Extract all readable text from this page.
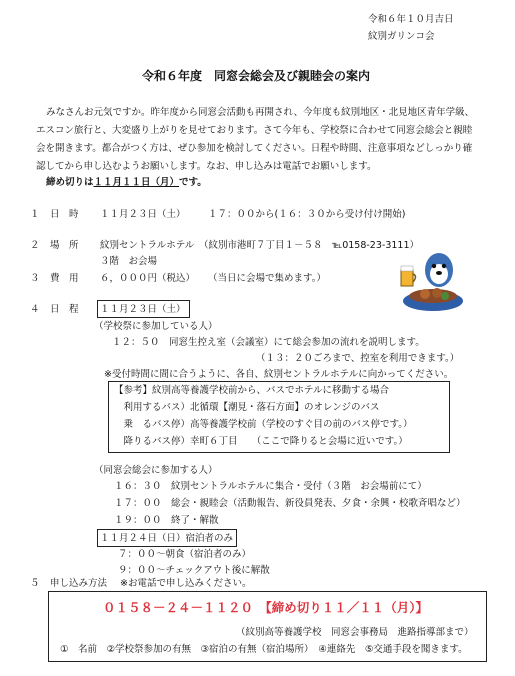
令和６年１０月吉日
紋別ガリンコ会
令和６年度　同窓会総会及び親睦会の案内
みなさんお元気ですか。昨年度から同窓会活動も再開され、今年度も紋別地区・北見地区青年学級、
エスコン旅行と、大変盛り上がりを見せております。さて今年も、学校祭に合わせて同窓会総会と親睦
会を開きます。都合がつく方は、ぜひ参加を検討してください。日程や時間、注意事項などしっかり確
認してから申し込むようお願いします。なお、申し込みは電話でお願いします。
締め切りは１１月１１日（月）です。
１ 日　時 １１月２３日（土） １７：００から(１６：３０から受け付け開始)
２ 場　所 紋別セントラルホテル　（紋別市港町７丁目１－５８　℡0158-23-3111）
３階　お会場
３ 費　用 ６，０００円（税込） （当日に会場で集めます。）
４ 日　程 １１月２３日（土）
（学校祭に参加している人）
１２：５０　同窓生控え室（会議室）にて総会参加の流れを説明します。
（１３：２０ごろまで、控室を利用できます。）
※受付時間に間に合うように、各自、紋別セントラルホテルに向かってください。
【参考】紋別高等養護学校前から、バスでホテルに移動する場合
　利用するバス）北循環【潮見・落石方面】のオレンジのバス
　乗　るバス停）高等養護学校前（学校のすぐ目の前のバス停です。）
　降りるバス停）幸町６丁目　　（ここで降りると会場に近いです。）
（同窓会総会に参加する人）
１６：３０　紋別セントラルホテルに集合・受付（３階　お会場前にて）
１７：００　総会・親睦会（活動報告、新役員発表、夕食・余興・校歌斉唱など）
１９：００　終了・解散
１１月２４日（日）宿泊者のみ
７：００～朝食（宿泊者のみ）
９：００～チェックアウト後に解散
５ 申し込み方法 ※お電話で申し込みください。
０１５８－２４－１１２０　【締め切り１１／１１（月）】
（紋別高等養護学校　同窓会事務局　進路指導部まで）
①　名前　②学校祭参加の有無　③宿泊の有無（宿泊場所）　④連絡先　⑤交通手段を聞きます。
